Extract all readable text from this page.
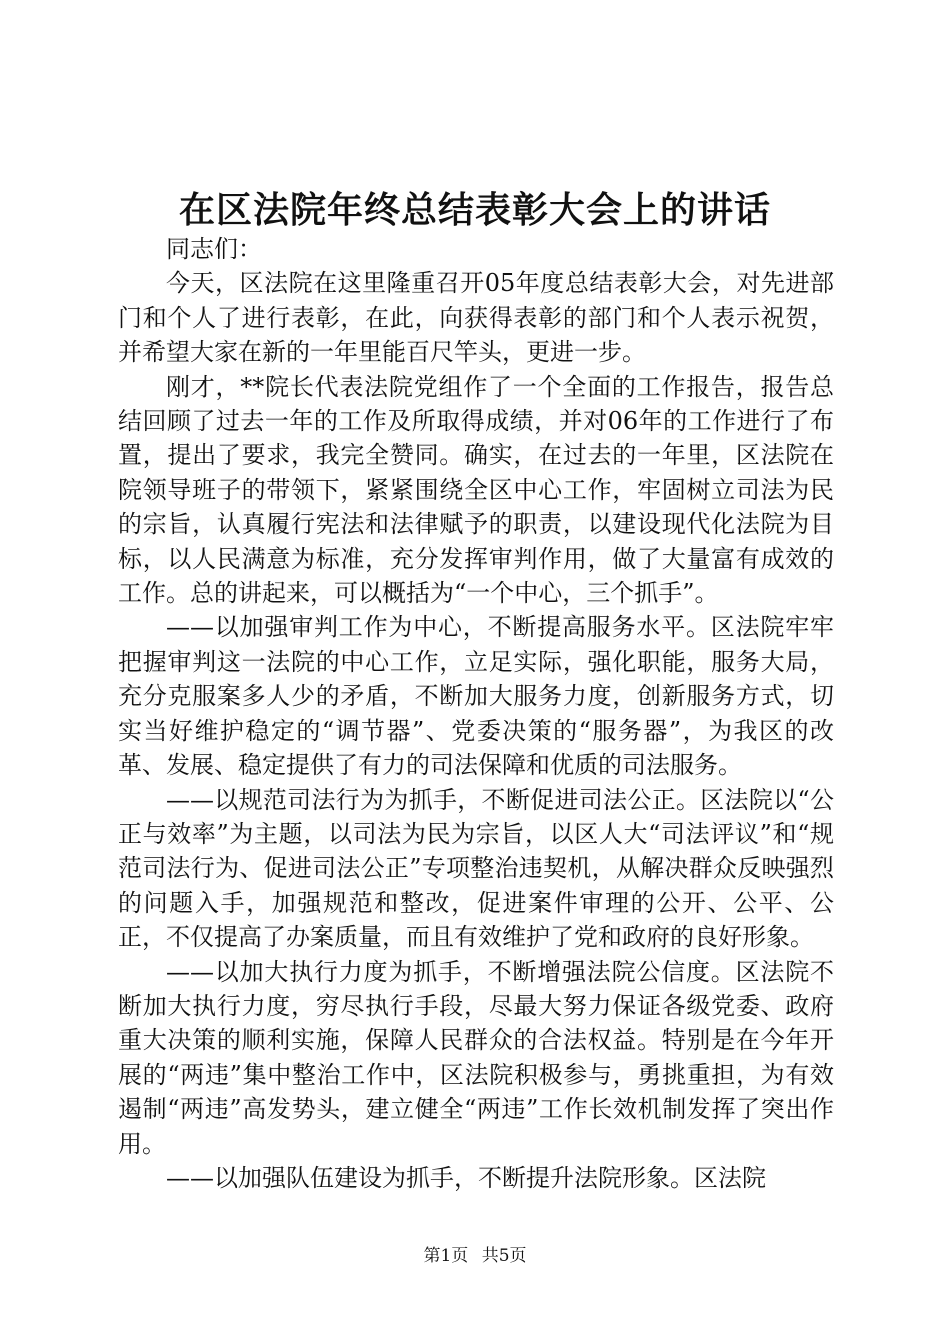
在区法院年终总结表彰大会上的讲话

同志们：

今天，区法院在这里隆重召开05年度总结表彰大会，对先进部门和个人了进行表彰，在此，向获得表彰的部门和个人表示祝贺，并希望大家在新的一年里能百尺竿头，更进一步。

刚才，**院长代表法院党组作了一个全面的工作报告，报告总结回顾了过去一年的工作及所取得成绩，并对06年的工作进行了布置，提出了要求，我完全赞同。确实，在过去的一年里，区法院在院领导班子的带领下，紧紧围绕全区中心工作，牢固树立司法为民的宗旨，认真履行宪法和法律赋予的职责，以建设现代化法院为目标，以人民满意为标准，充分发挥审判作用，做了大量富有成效的工作。总的讲起来，可以概括为“一个中心，三个抓手”。

——以加强审判工作为中心，不断提高服务水平。区法院牢牢把握审判这一法院的中心工作，立足实际，强化职能，服务大局，充分克服案多人少的矛盾，不断加大服务力度，创新服务方式，切实当好维护稳定的“调节器”、党委决策的“服务器”，为我区的改革、发展、稳定提供了有力的司法保障和优质的司法服务。

——以规范司法行为为抓手，不断促进司法公正。区法院以“公正与效率”为主题，以司法为民为宗旨，以区人大“司法评议”和“规范司法行为、促进司法公正”专项整治违契机，从解决群众反映强烈的问题入手，加强规范和整改，促进案件审理的公开、公平、公正，不仅提高了办案质量，而且有效维护了党和政府的良好形象。

——以加大执行力度为抓手，不断增强法院公信度。区法院不断加大执行力度，穷尽执行手段，尽最大努力保证各级党委、政府重大决策的顺利实施，保障人民群众的合法权益。特别是在今年开展的“两违”集中整治工作中，区法院积极参与，勇挑重担，为有效遏制“两违”高发势头，建立健全“两违”工作长效机制发挥了突出作用。

——以加强队伍建设为抓手，不断提升法院形象。区法院

第1页 共5页
